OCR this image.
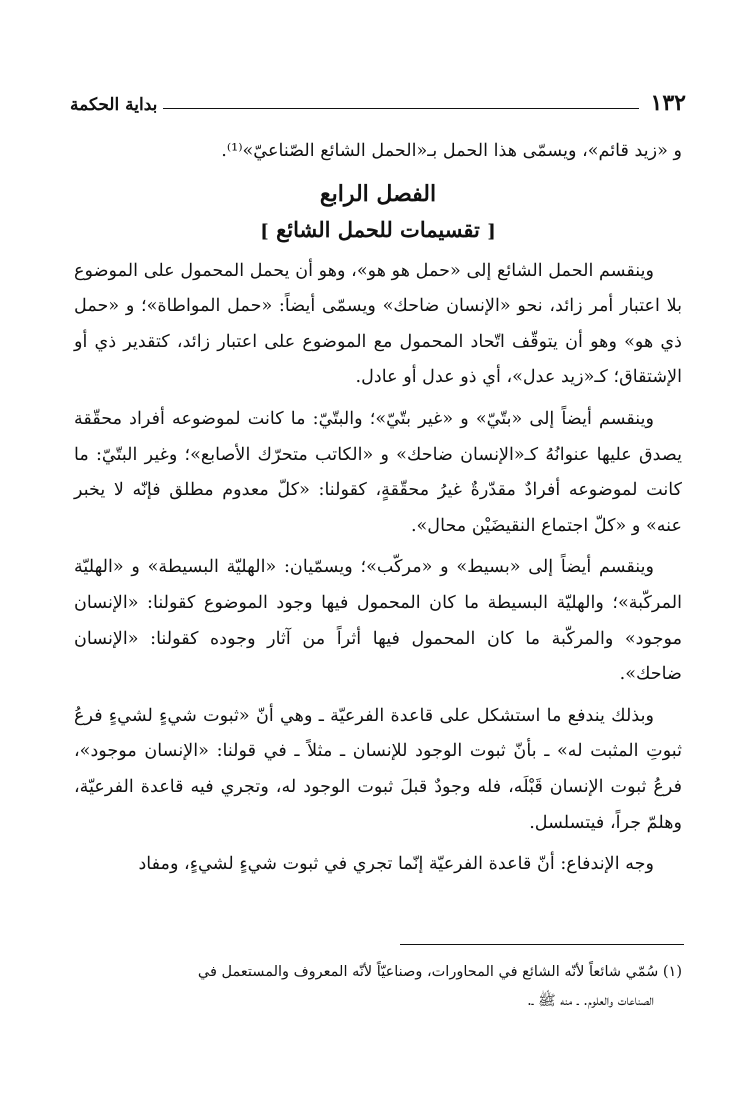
١٣٢
بداية الحكمة

و «زيد قائم»، ويسمّى هذا الحمل بـ«الحمل الشائع الصّناعيّ»⁽¹⁾.

الفصل الرابع
[ تقسيمات للحمل الشائع ]

وينقسم الحمل الشائع إلى «حمل هو هو»، وهو أن يحمل المحمول على الموضوع بلا اعتبار أمر زائد، نحو «الإنسان ضاحك» ويسمّى أيضاً: «حمل المواطاة»؛ و «حمل ذي هو» وهو أن يتوقّف اتّحاد المحمول مع الموضوع على اعتبار زائد، كتقدير ذي أو الإشتقاق؛ كـ«زيد عدل»، أي ذو عدل أو عادل.

وينقسم أيضاً إلى «بتّيّ» و «غير بتّيّ»؛ والبتّيّ: ما كانت لموضوعه أفراد محقّقة يصدق عليها عنوانُهُ كـ«الإنسان ضاحك» و «الكاتب متحرّك الأصابع»؛ وغير البتّيّ: ما كانت لموضوعه أفرادٌ مقدّرةٌ غيرُ محقّقةٍ، كقولنا: «كلّ معدوم مطلق فإنّه لا يخبر عنه» و «كلّ اجتماع النقيضَيْن محال».

وينقسم أيضاً إلى «بسيط» و «مركّب»؛ ويسمّيان: «الهليّة البسيطة» و «الهليّة المركّبة»؛ والهليّة البسيطة ما كان المحمول فيها وجود الموضوع كقولنا: «الإنسان موجود» والمركّبة ما كان المحمول فيها أثراً من آثار وجوده كقولنا: «الإنسان ضاحك».

وبذلك يندفع ما استشكل على قاعدة الفرعيّة ـ وهي أنّ «ثبوت شيءٍ لشيءٍ فرعُ ثبوتِ المثبت له» ـ بأنّ ثبوت الوجود للإنسان ـ مثلاً ـ في قولنا: «الإنسان موجود»، فرعُ ثبوت الإنسان قَبْلَه، فله وجودٌ قبلَ ثبوت الوجود له، وتجري فيه قاعدة الفرعيّة، وهلمّ جراً، فيتسلسل.

وجه الإندفاع: أنّ قاعدة الفرعيّة إنّما تجري في ثبوت شيءٍ لشيءٍ، ومفاد

(١) سُمّي شائعاً لأنّه الشائع في المحاورات، وصناعيّاً لأنّه المعروف والمستعمل في

الصناعات والعلوم. ـ منه ﷺ ـ.
